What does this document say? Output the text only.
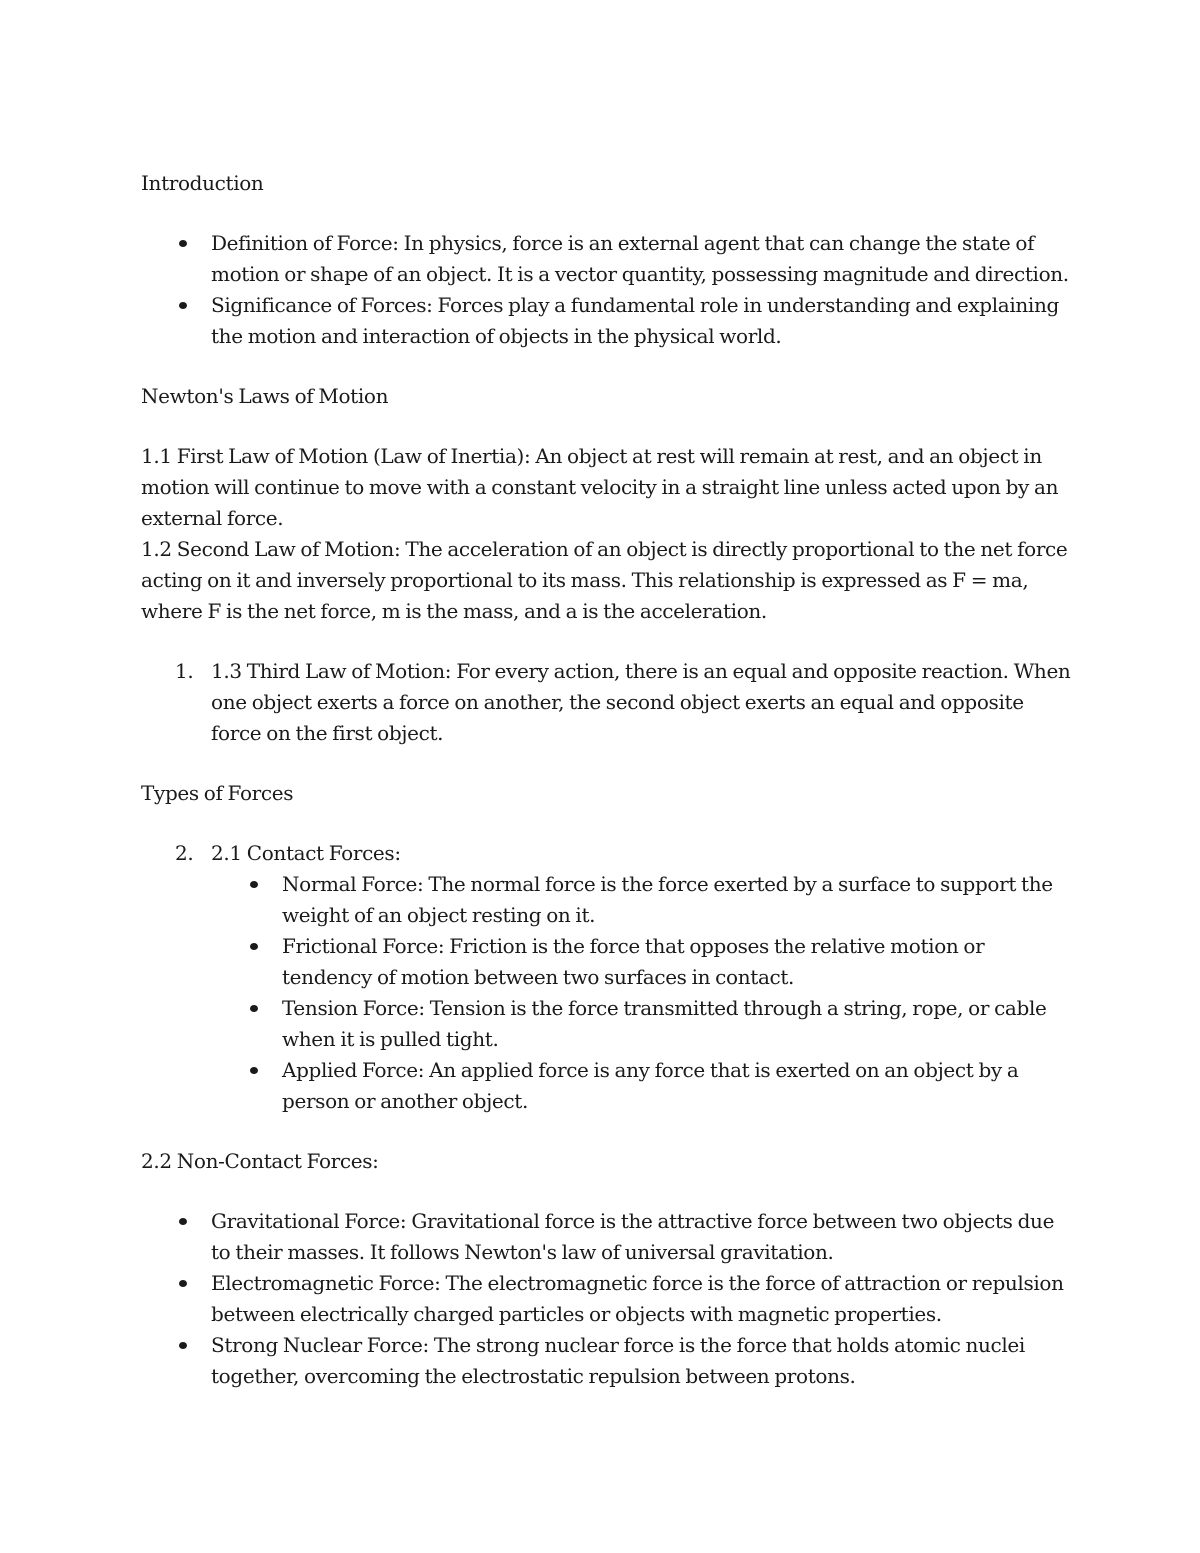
Introduction

Definition of Force: In physics, force is an external agent that can change the state of motion or shape of an object. It is a vector quantity, possessing magnitude and direction.
Significance of Forces: Forces play a fundamental role in understanding and explaining the motion and interaction of objects in the physical world.

Newton's Laws of Motion

1.1 First Law of Motion (Law of Inertia): An object at rest will remain at rest, and an object in motion will continue to move with a constant velocity in a straight line unless acted upon by an external force.

1.2 Second Law of Motion: The acceleration of an object is directly proportional to the net force acting on it and inversely proportional to its mass. This relationship is expressed as F = ma, where F is the net force, m is the mass, and a is the acceleration.

1. 1.3 Third Law of Motion: For every action, there is an equal and opposite reaction. When one object exerts a force on another, the second object exerts an equal and opposite force on the first object.

Types of Forces

2. 2.1 Contact Forces:
Normal Force: The normal force is the force exerted by a surface to support the weight of an object resting on it.
Frictional Force: Friction is the force that opposes the relative motion or tendency of motion between two surfaces in contact.
Tension Force: Tension is the force transmitted through a string, rope, or cable when it is pulled tight.
Applied Force: An applied force is any force that is exerted on an object by a person or another object.

2.2 Non-Contact Forces:

Gravitational Force: Gravitational force is the attractive force between two objects due to their masses. It follows Newton's law of universal gravitation.
Electromagnetic Force: The electromagnetic force is the force of attraction or repulsion between electrically charged particles or objects with magnetic properties.
Strong Nuclear Force: The strong nuclear force is the force that holds atomic nuclei together, overcoming the electrostatic repulsion between protons.
